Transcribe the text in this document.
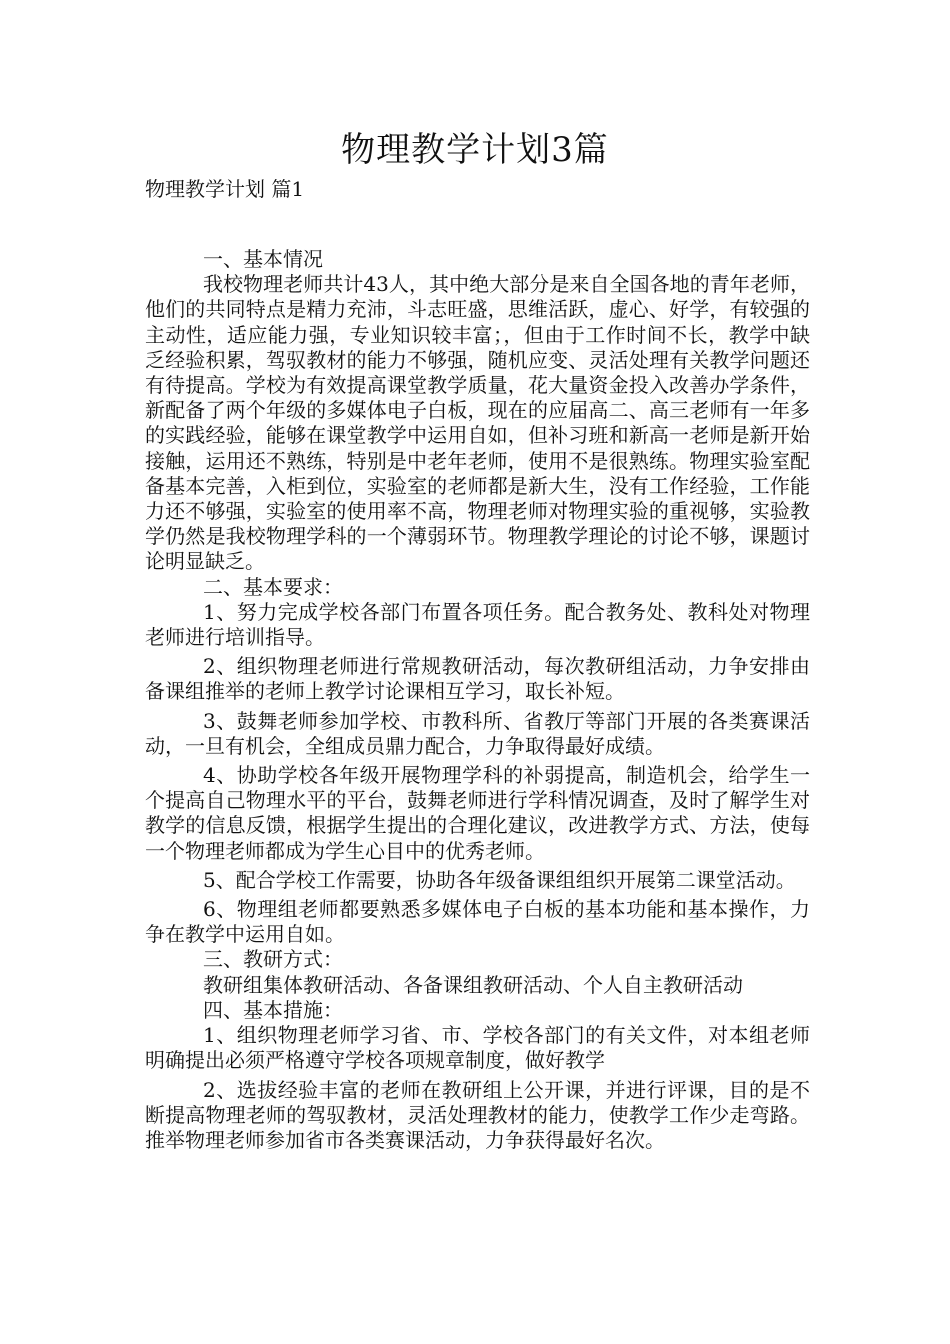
物理教学计划3篇
物理教学计划 篇1

一、基本情况

我校物理老师共计43人，其中绝大部分是来自全国各地的青年老师，他们的共同特点是精力充沛，斗志旺盛，思维活跃，虚心、好学，有较强的主动性，适应能力强，专业知识较丰富；，但由于工作时间不长，教学中缺乏经验积累，驾驭教材的能力不够强，随机应变、灵活处理有关教学问题还有待提高。学校为有效提高课堂教学质量，花大量资金投入改善办学条件，新配备了两个年级的多媒体电子白板，现在的应届高二、高三老师有一年多的实践经验，能够在课堂教学中运用自如，但补习班和新高一老师是新开始接触，运用还不熟练，特别是中老年老师，使用不是很熟练。物理实验室配备基本完善，入柜到位，实验室的老师都是新大生，没有工作经验，工作能力还不够强，实验室的使用率不高，物理老师对物理实验的重视够，实验教学仍然是我校物理学科的一个薄弱环节。物理教学理论的讨论不够，课题讨论明显缺乏。

二、基本要求：

1、努力完成学校各部门布置各项任务。配合教务处、教科处对物理老师进行培训指导。

2、组织物理老师进行常规教研活动，每次教研组活动，力争安排由备课组推举的老师上教学讨论课相互学习，取长补短。

3、鼓舞老师参加学校、市教科所、省教厅等部门开展的各类赛课活动，一旦有机会，全组成员鼎力配合，力争取得最好成绩。

4、协助学校各年级开展物理学科的补弱提高，制造机会，给学生一个提高自己物理水平的平台，鼓舞老师进行学科情况调查，及时了解学生对教学的信息反馈，根据学生提出的合理化建议，改进教学方式、方法，使每一个物理老师都成为学生心目中的优秀老师。

5、配合学校工作需要，协助各年级备课组组织开展第二课堂活动。

6、物理组老师都要熟悉多媒体电子白板的基本功能和基本操作，力争在教学中运用自如。

三、教研方式：

教研组集体教研活动、各备课组教研活动、个人自主教研活动

四、基本措施：

1、组织物理老师学习省、市、学校各部门的有关文件，对本组老师明确提出必须严格遵守学校各项规章制度，做好教学

2、选拔经验丰富的老师在教研组上公开课，并进行评课，目的是不断提高物理老师的驾驭教材，灵活处理教材的能力，使教学工作少走弯路。推举物理老师参加省市各类赛课活动，力争获得最好名次。
